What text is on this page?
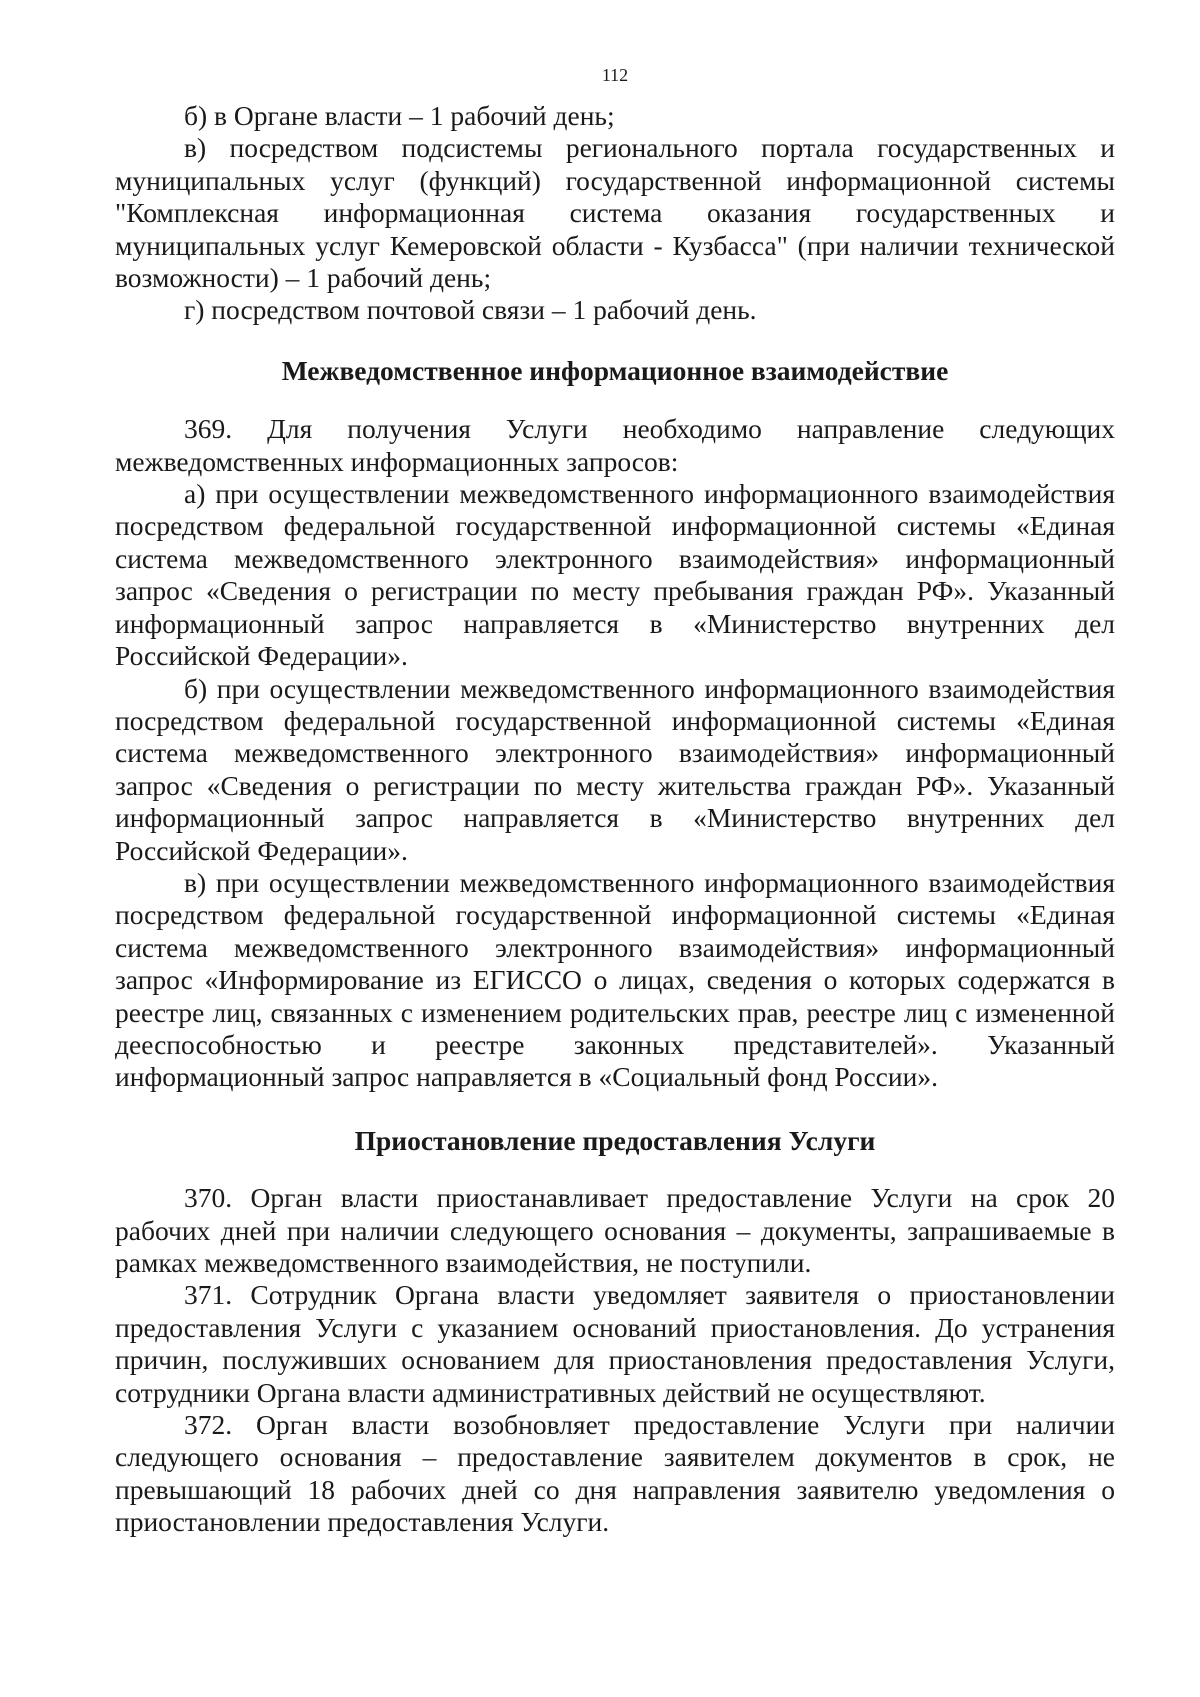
112

б) в Органе власти – 1 рабочий день;

в) посредством подсистемы регионального портала государственных и муниципальных услуг (функций) государственной информационной системы "Комплексная информационная система оказания государственных и муниципальных услуг Кемеровской области - Кузбасса" (при наличии технической возможности) – 1 рабочий день;

г) посредством почтовой связи – 1 рабочий день.

Межведомственное информационное взаимодействие

369. Для получения Услуги необходимо направление следующих межведомственных информационных запросов:

а) при осуществлении межведомственного информационного взаимодействия посредством федеральной государственной информационной системы «Единая система межведомственного электронного взаимодействия» информационный запрос «Сведения о регистрации по месту пребывания граждан РФ». Указанный информационный запрос направляется в «Министерство внутренних дел Российской Федерации».

б) при осуществлении межведомственного информационного взаимодействия посредством федеральной государственной информационной системы «Единая система межведомственного электронного взаимодействия» информационный запрос «Сведения о регистрации по месту жительства граждан РФ». Указанный информационный запрос направляется в «Министерство внутренних дел Российской Федерации».

в) при осуществлении межведомственного информационного взаимодействия посредством федеральной государственной информационной системы «Единая система межведомственного электронного взаимодействия» информационный запрос «Информирование из ЕГИССО о лицах, сведения о которых содержатся в реестре лиц, связанных с изменением родительских прав, реестре лиц с измененной дееспособностью и реестре законных представителей». Указанный информационный запрос направляется в «Социальный фонд России».

Приостановление предоставления Услуги

370. Орган власти приостанавливает предоставление Услуги на срок 20 рабочих дней при наличии следующего основания – документы, запрашиваемые в рамках межведомственного взаимодействия, не поступили.

371. Сотрудник Органа власти уведомляет заявителя о приостановлении предоставления Услуги с указанием оснований приостановления. До устранения причин, послуживших основанием для приостановления предоставления Услуги, сотрудники Органа власти административных действий не осуществляют.

372. Орган власти возобновляет предоставление Услуги при наличии следующего основания – предоставление заявителем документов в срок, не превышающий 18 рабочих дней со дня направления заявителю уведомления о приостановлении предоставления Услуги.
